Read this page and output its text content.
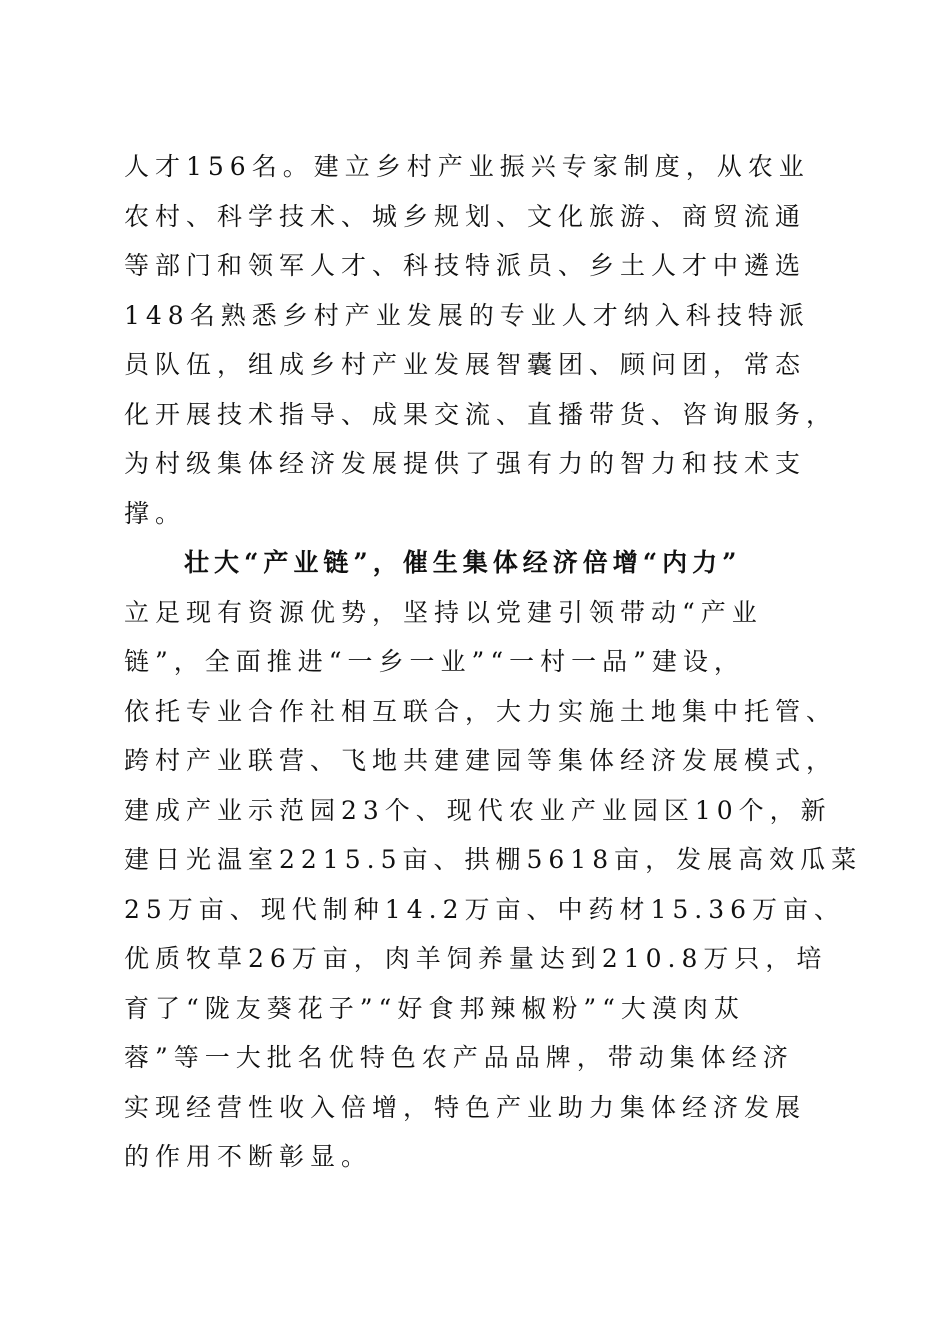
人才156名。建立乡村产业振兴专家制度，从农业
农村、科学技术、城乡规划、文化旅游、商贸流通
等部门和领军人才、科技特派员、乡土人才中遴选
148名熟悉乡村产业发展的专业人才纳入科技特派
员队伍，组成乡村产业发展智囊团、顾问团，常态
化开展技术指导、成果交流、直播带货、咨询服务，
为村级集体经济发展提供了强有力的智力和技术支
撑。
壮大“产业链”，催生集体经济倍增“内力”
立足现有资源优势，坚持以党建引领带动“产业
链”，全面推进“一乡一业”“一村一品”建设，
依托专业合作社相互联合，大力实施土地集中托管、
跨村产业联营、飞地共建建园等集体经济发展模式，
建成产业示范园23个、现代农业产业园区10个，新
建日光温室2215.5亩、拱棚5618亩，发展高效瓜菜
25万亩、现代制种14.2万亩、中药材15.36万亩、
优质牧草26万亩，肉羊饲养量达到210.8万只，培
育了“陇友葵花子”“好食邦辣椒粉”“大漠肉苁
蓉”等一大批名优特色农产品品牌，带动集体经济
实现经营性收入倍增，特色产业助力集体经济发展
的作用不断彰显。
